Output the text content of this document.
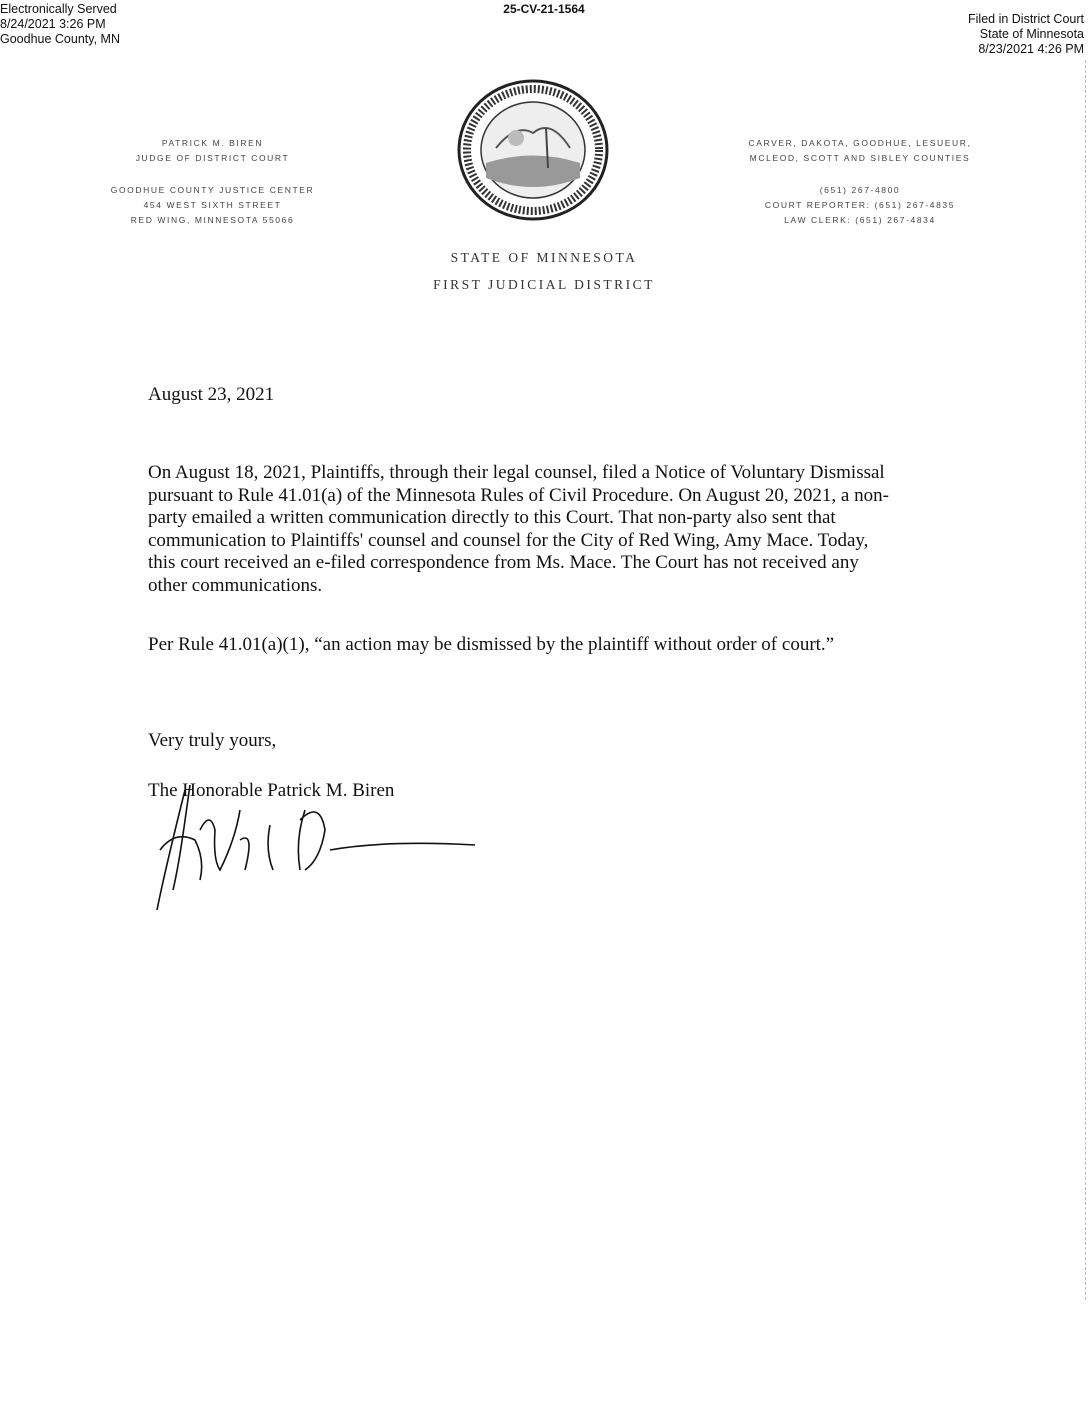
Electronically Served
8/24/2021 3:26 PM
Goodhue County, MN
25-CV-21-1564
Filed in District Court
State of Minnesota
8/23/2021 4:26 PM
PATRICK M. BIREN
JUDGE OF DISTRICT COURT
GOODHUE COUNTY JUSTICE CENTER
454 WEST SIXTH STREET
RED WING, MINNESOTA 55066
CARVER, DAKOTA, GOODHUE, LESUEUR,
MCLEOD, SCOTT AND SIBLEY COUNTIES
(651) 267-4800
COURT REPORTER: (651) 267-4835
LAW CLERK: (651) 267-4834
STATE OF MINNESOTA
FIRST JUDICIAL DISTRICT
August 23, 2021
On August 18, 2021, Plaintiffs, through their legal counsel, filed a Notice of Voluntary Dismissal pursuant to Rule 41.01(a) of the Minnesota Rules of Civil Procedure. On August 20, 2021, a non-party emailed a written communication directly to this Court. That non-party also sent that communication to Plaintiffs' counsel and counsel for the City of Red Wing, Amy Mace. Today, this court received an e-filed correspondence from Ms. Mace. The Court has not received any other communications.
Per Rule 41.01(a)(1), “an action may be dismissed by the plaintiff without order of court.”
Very truly yours,
The Honorable Patrick M. Biren
